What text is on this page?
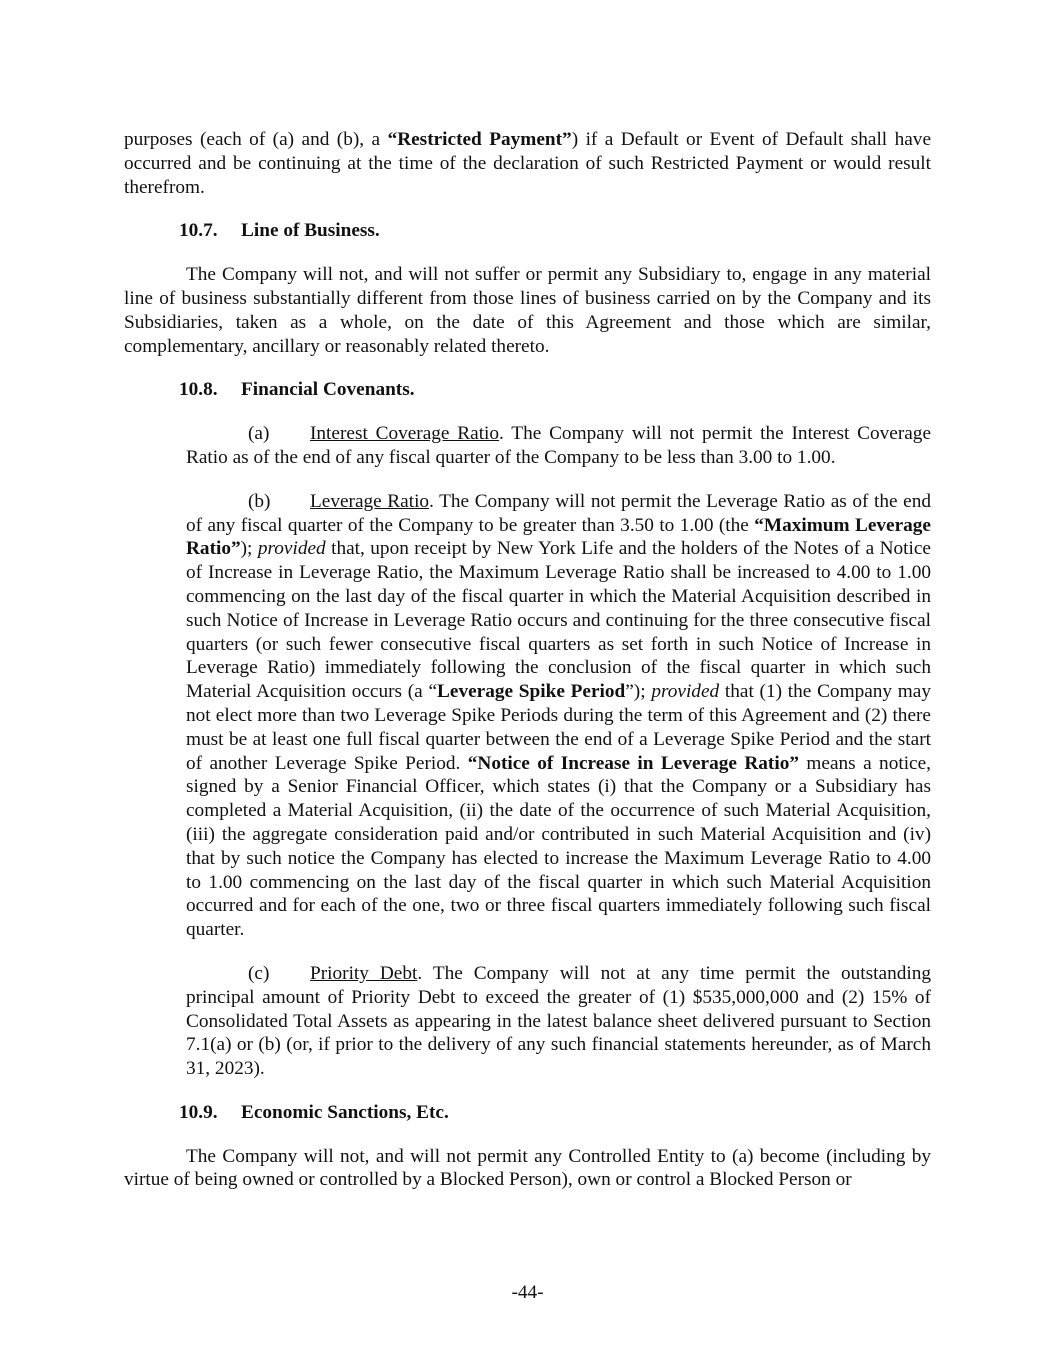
purposes (each of (a) and (b), a “Restricted Payment”) if a Default or Event of Default shall have occurred and be continuing at the time of the declaration of such Restricted Payment or would result therefrom.

10.7. Line of Business.

The Company will not, and will not suffer or permit any Subsidiary to, engage in any material line of business substantially different from those lines of business carried on by the Company and its Subsidiaries, taken as a whole, on the date of this Agreement and those which are similar, complementary, ancillary or reasonably related thereto.

10.8. Financial Covenants.

(a) Interest Coverage Ratio. The Company will not permit the Interest Coverage Ratio as of the end of any fiscal quarter of the Company to be less than 3.00 to 1.00.

(b) Leverage Ratio. The Company will not permit the Leverage Ratio as of the end of any fiscal quarter of the Company to be greater than 3.50 to 1.00 (the “Maximum Leverage Ratio”); provided that, upon receipt by New York Life and the holders of the Notes of a Notice of Increase in Leverage Ratio, the Maximum Leverage Ratio shall be increased to 4.00 to 1.00 commencing on the last day of the fiscal quarter in which the Material Acquisition described in such Notice of Increase in Leverage Ratio occurs and continuing for the three consecutive fiscal quarters (or such fewer consecutive fiscal quarters as set forth in such Notice of Increase in Leverage Ratio) immediately following the conclusion of the fiscal quarter in which such Material Acquisition occurs (a “Leverage Spike Period”); provided that (1) the Company may not elect more than two Leverage Spike Periods during the term of this Agreement and (2) there must be at least one full fiscal quarter between the end of a Leverage Spike Period and the start of another Leverage Spike Period. “Notice of Increase in Leverage Ratio” means a notice, signed by a Senior Financial Officer, which states (i) that the Company or a Subsidiary has completed a Material Acquisition, (ii) the date of the occurrence of such Material Acquisition, (iii) the aggregate consideration paid and/or contributed in such Material Acquisition and (iv) that by such notice the Company has elected to increase the Maximum Leverage Ratio to 4.00 to 1.00 commencing on the last day of the fiscal quarter in which such Material Acquisition occurred and for each of the one, two or three fiscal quarters immediately following such fiscal quarter.

(c) Priority Debt. The Company will not at any time permit the outstanding principal amount of Priority Debt to exceed the greater of (1) $535,000,000 and (2) 15% of Consolidated Total Assets as appearing in the latest balance sheet delivered pursuant to Section 7.1(a) or (b) (or, if prior to the delivery of any such financial statements hereunder, as of March 31, 2023).

10.9. Economic Sanctions, Etc.

The Company will not, and will not permit any Controlled Entity to (a) become (including by virtue of being owned or controlled by a Blocked Person), own or control a Blocked Person or

-44-
